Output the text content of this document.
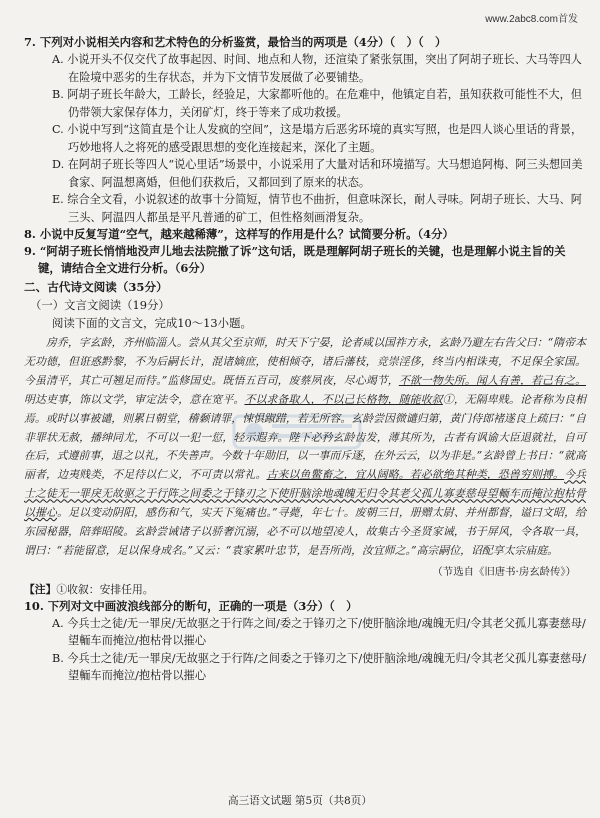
www.2abc8.com首发

7. 下列对小说相关内容和艺术特色的分析鉴赏，最恰当的两项是（4分）（　）（　）

A. 小说开头不仅交代了故事起因、时间、地点和人物，还渲染了紧张氛围，突出了阿胡子班长、大马等四人在险境中恶劣的生存状态，并为下文情节发展做了必要铺垫。

B. 阿胡子班长年龄大，工龄长，经验足，大家都听他的。在危难中，他镇定自若，虽知获救可能性不大，但仍带领大家保存体力，关闭矿灯，终于等来了成功救援。

C. 小说中写到“这简直是个让人发疯的空间”，这是塌方后恶劣环境的真实写照，也是四人谈心里话的背景，巧妙地将人之将死的感受跟思想的变化连接起来，深化了主题。

D. 在阿胡子班长等四人“说心里话”场景中，小说采用了大量对话和环境描写。大马想追阿梅、阿三头想回美食家、阿温想离婚，但他们获救后，又都回到了原来的状态。

E. 综合全文看，小说叙述的故事十分简短，情节也不曲折，但意味深长，耐人寻味。阿胡子班长、大马、阿三头、阿温四人都虽是平凡普通的矿工，但性格刻画滑复杂。

8. 小说中反复写道“空气，越来越稀薄”，这样写的作用是什么？试简要分析。（4分）

9. “阿胡子班长悄悄地没声儿地去法院撤了诉”这句话，既是理解阿胡子班长的关键，也是理解小说主旨的关键，请结合全文进行分析。（6分）

二、古代诗文阅读（35分）

（一）文言文阅读（19分）

阅读下面的文言文，完成10～13小题。

房乔，字玄龄，齐州临淄人。尝从其父至京师，时天下宁晏，论者咸以国祚方永，玄龄乃避左右告父曰：“隋帝本无功德，但诳惑黔黎，不为后嗣长计，混诸嫡庶，使相倾夺，诸后藩枝，竞崇淫侈，终当内相诛夷，不足保全家国。今虽清平，其亡可翘足而待。”监修国史。既悟五百司，废蔡夙夜，尽心竭节，不欲一物失所。闻人有善，若己有之。明达吏事，饰以文学，审定法令，意在宽平。不以求备取人，不以己长格物，随能收叙①，无隔卑贱。论者称为良相焉。或时以事被谴，则累日朝堂，稽颡请罪，悚惧踧踖，若无所容。玄龄尝因微谴归第，黄门侍郎褚遂良上疏曰：“自非罪状无赦，播绅同尤，不可以一犯一愆，轻示遐弃。陛下必矜玄龄齿发，薄其所为，古者有讽谕大臣退就社，自可在后，式遵前事，退之以礼，不失善声。今数十年勋旧，以一事而斥逐，在外云云，以为非是。”玄龄曾上书日：“就高丽者，边夷贱类，不足待以仁义，不可责以常礼。古来以鱼鳖畜之，宜从阔略。若必欲绝其种类，恐兽穷则搏。今兵士之徒无一罪戾无故驱之于行阵之间委之于锋刃之下使肝脑涂地魂魄无归令其老父孤儿寡妻慈母望輀车而掩泣抱枯骨以摧心。足以变动阴阳，感伤和气，实天下冤痛也。”寻薨，年七十。废朝三日，册赠太尉、并州都督，谥曰文昭，给东园秘器，陪葬昭陵。玄龄尝诫诸子以骄奢沉溺，必不可以地望凌人，故集古今圣贤家诫，书于屏风，令各取一具，谓曰：“若能留意，足以保身成名。”又云：“袁家累叶忠节，是吾所尚，汝宜师之。”高宗嗣位，诏配享太宗庙庭。

（节选自《旧唐书·房玄龄传》）

【注】①收叙：安排任用。

10. 下列对文中画波浪线部分的断句，正确的一项是（3分）（　）

A. 今兵士之徒/无一罪戾/无故驱之于行阵之间/委之于锋刃之下/使肝脑涂地/魂魄无归/令其老父孤儿寡妻慈母/望輀车而掩泣/抱枯骨以摧心

B. 今兵士之徒/无一罪戾/无故驱之于行阵/之间委之于锋刃之下/使肝脑涂地/魂魄无归/令其老父孤儿寡妻慈母/望輀车而掩泣/抱枯骨以摧心

高三语文试题 第5页（共8页）
